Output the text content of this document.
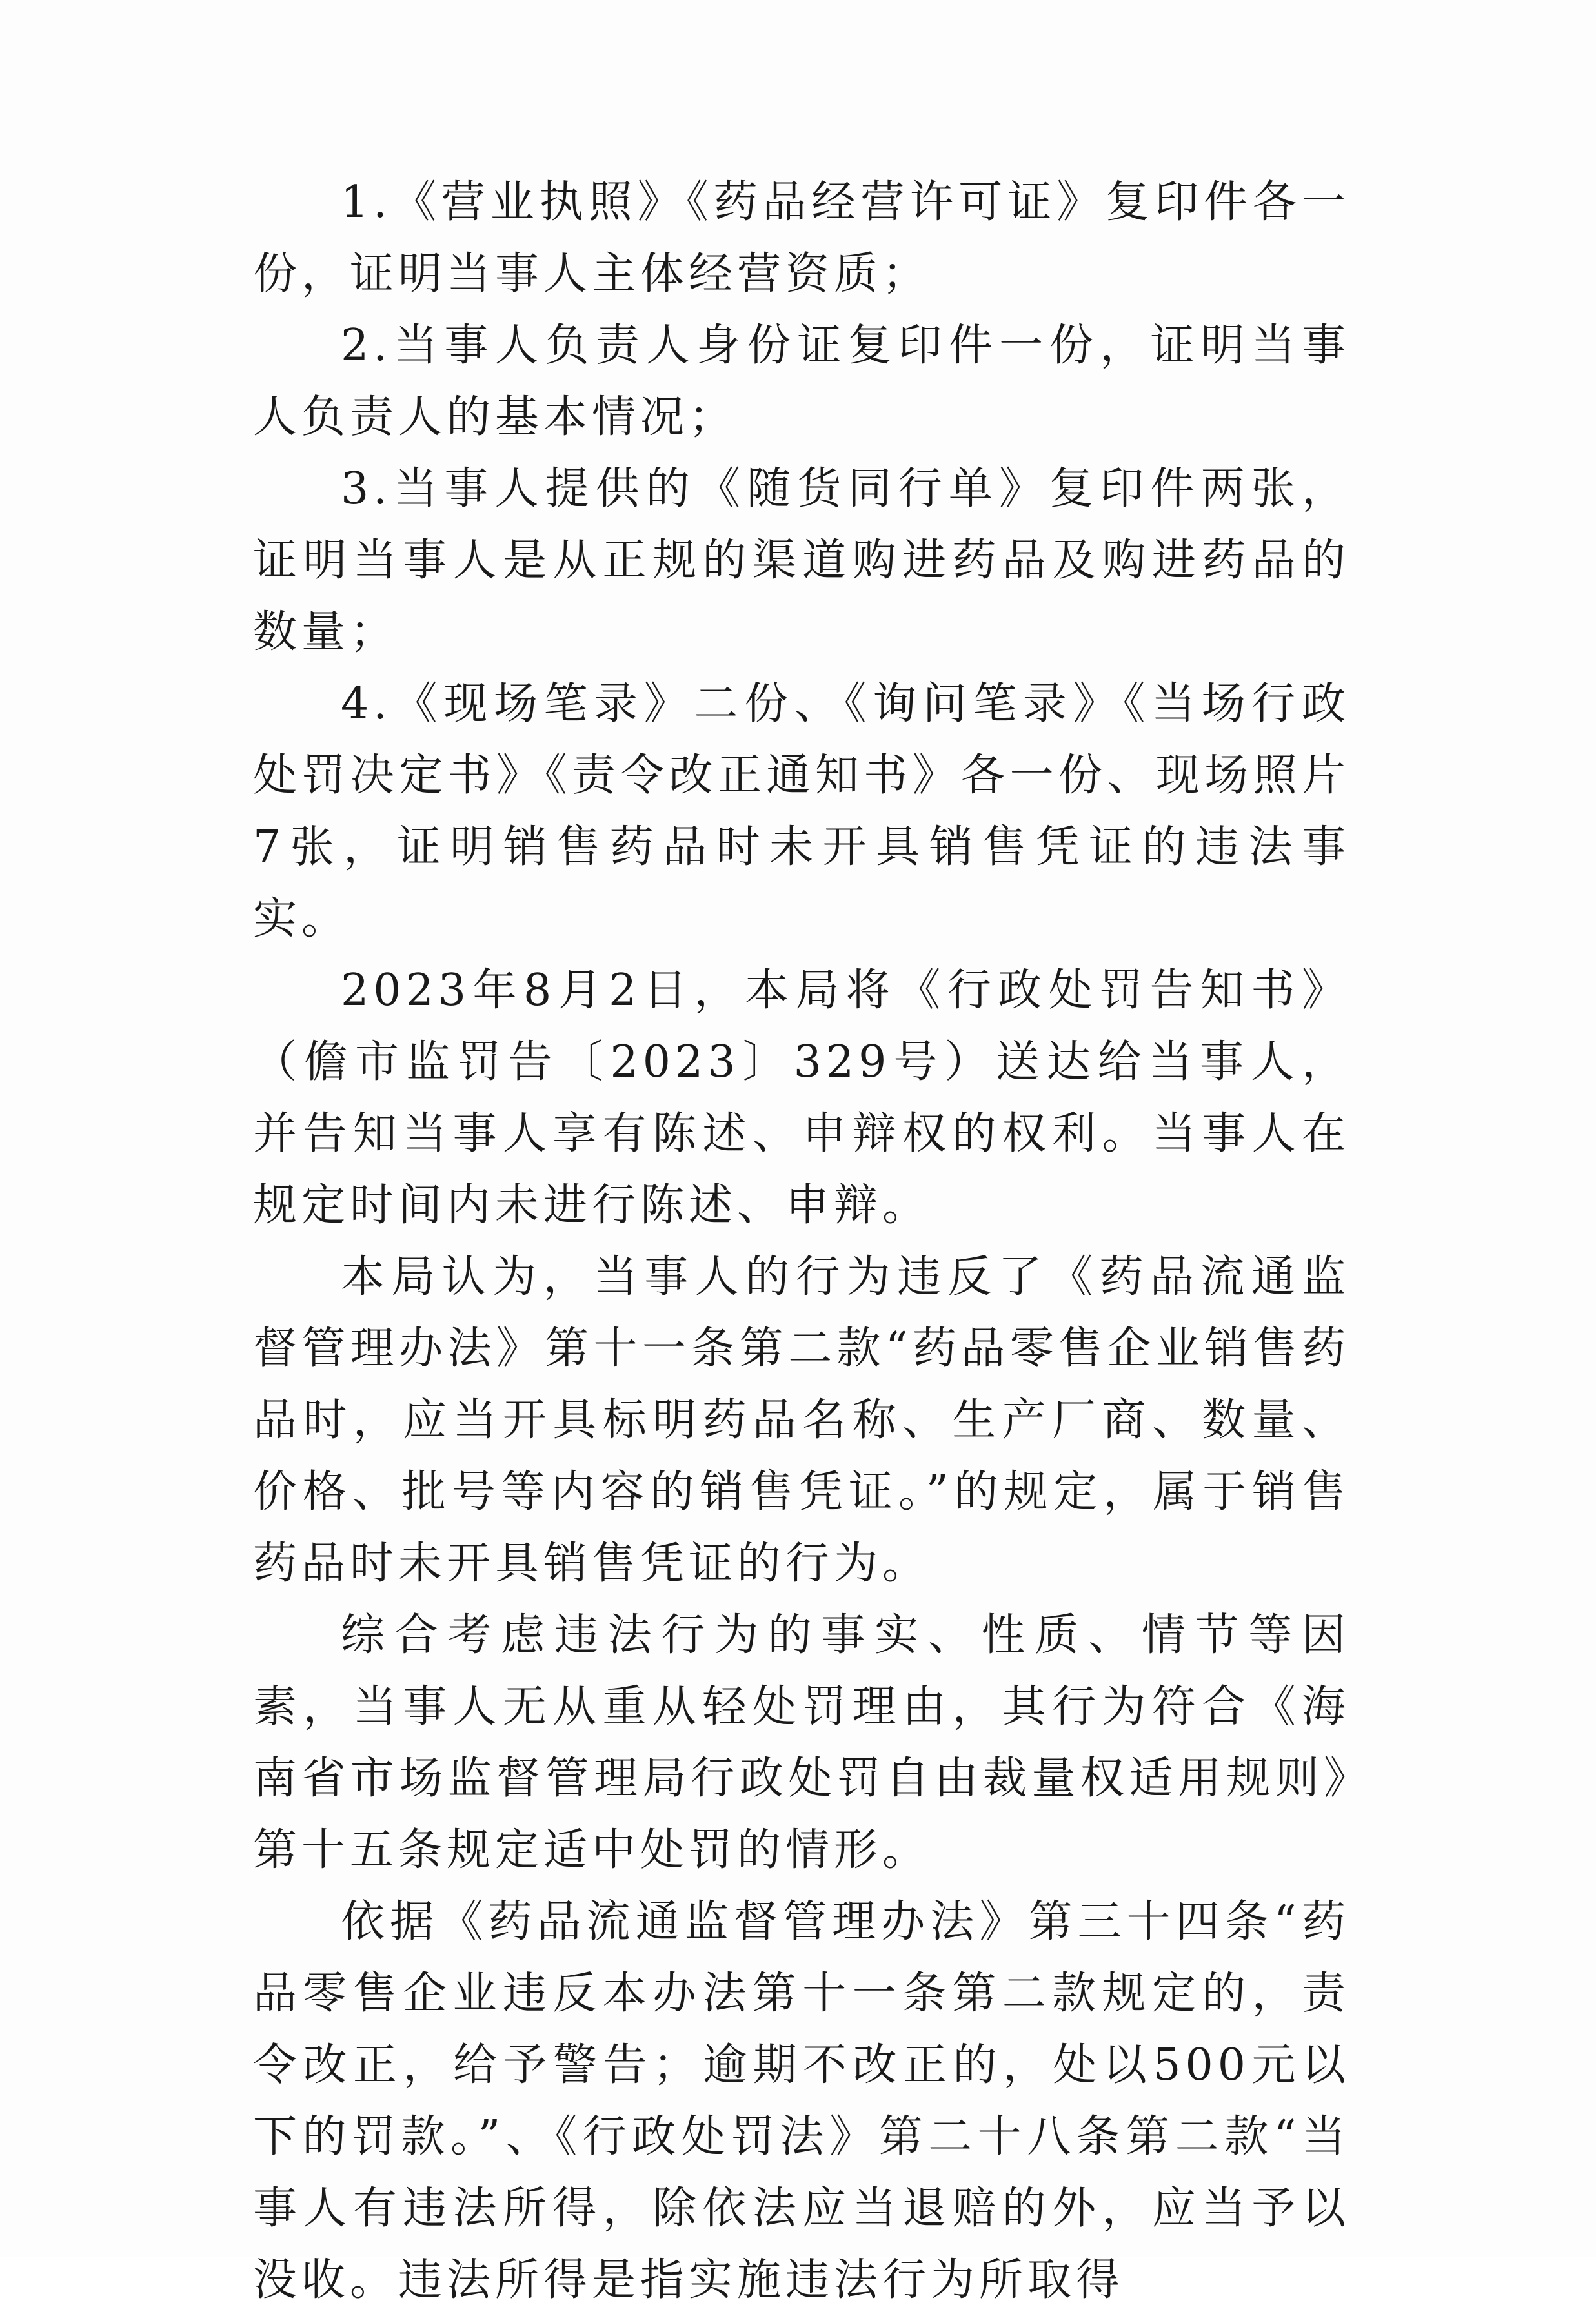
1.《营业执照》《药品经营许可证》复印件各一份，证明当事人主体经营资质；

2.当事人负责人身份证复印件一份，证明当事人负责人的基本情况；

3.当事人提供的《随货同行单》复印件两张，证明当事人是从正规的渠道购进药品及购进药品的数量；

4.《现场笔录》二份、《询问笔录》《当场行政处罚决定书》《责令改正通知书》各一份、现场照片7张，证明销售药品时未开具销售凭证的违法事实。

2023年8月2日，本局将《行政处罚告知书》（儋市监罚告〔2023〕329号）送达给当事人，并告知当事人享有陈述、申辩权的权利。当事人在规定时间内未进行陈述、申辩。

本局认为，当事人的行为违反了《药品流通监督管理办法》第十一条第二款“药品零售企业销售药品时，应当开具标明药品名称、生产厂商、数量、价格、批号等内容的销售凭证。”的规定，属于销售药品时未开具销售凭证的行为。

综合考虑违法行为的事实、性质、情节等因素，当事人无从重从轻处罚理由，其行为符合《海南省市场监督管理局行政处罚自由裁量权适用规则》第十五条规定适中处罚的情形。

依据《药品流通监督管理办法》第三十四条“药品零售企业违反本办法第十一条第二款规定的，责令改正，给予警告；逾期不改正的，处以500元以下的罚款。”、《行政处罚法》第二十八条第二款“当事人有违法所得，除依法应当退赔的外，应当予以没收。违法所得是指实施违法行为所取得
